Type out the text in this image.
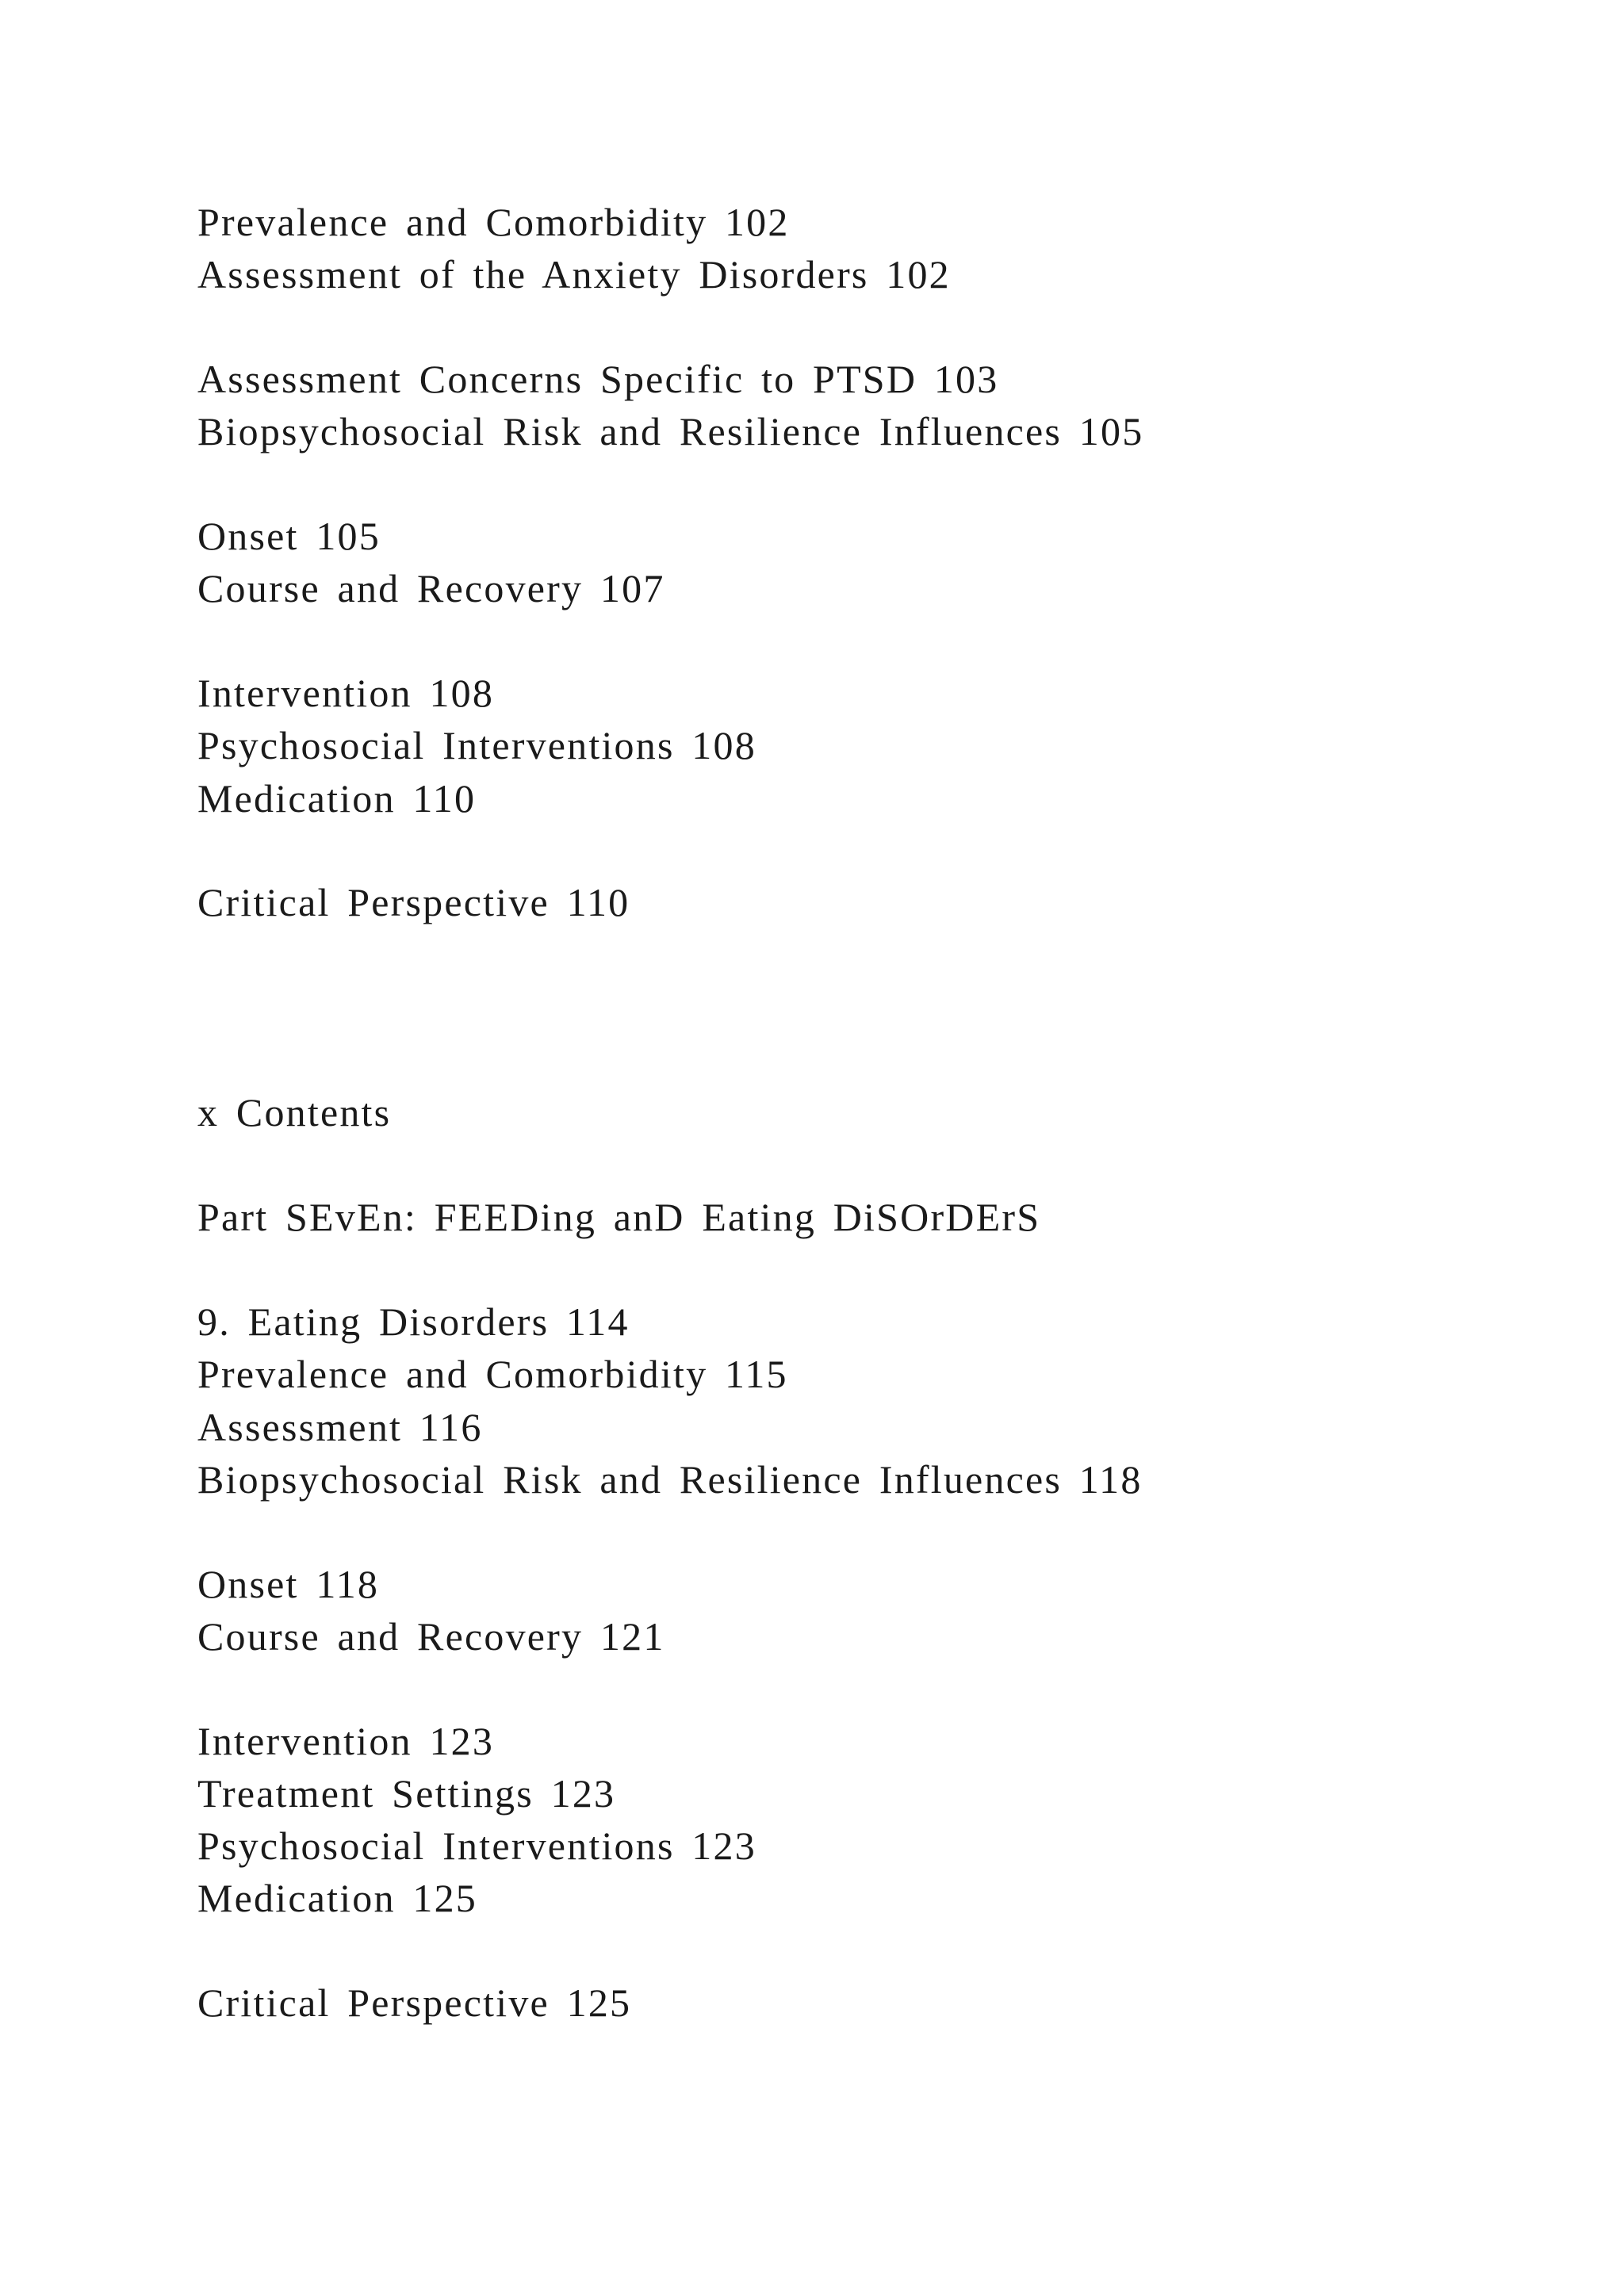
Prevalence and Comorbidity 102
Assessment of the Anxiety Disorders 102
Assessment Concerns Specific to PTSD 103
Biopsychosocial Risk and Resilience Influences 105
Onset 105
Course and Recovery 107
Intervention 108
Psychosocial Interventions 108
Medication 110
Critical Perspective 110
x Contents
Part SEvEn: FEEDing anD Eating DiSOrDErS
9. Eating Disorders 114
Prevalence and Comorbidity 115
Assessment 116
Biopsychosocial Risk and Resilience Influences 118
Onset 118
Course and Recovery 121
Intervention 123
Treatment Settings 123
Psychosocial Interventions 123
Medication 125
Critical Perspective 125
